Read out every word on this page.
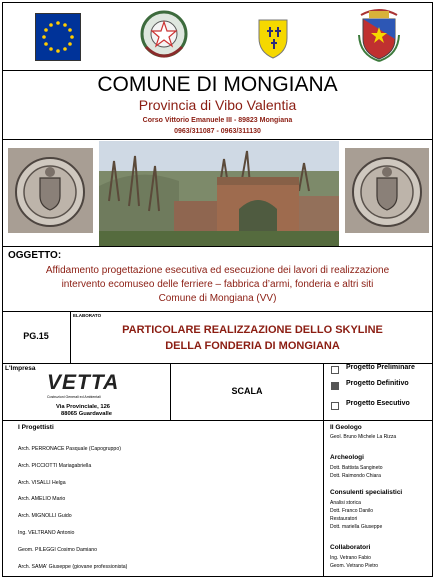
COMUNE DI MONGIANA
Provincia di Vibo Valentia
Corso Vittorio Emanuele III - 89823 Mongiana
0963/311087 - 0963/311130
OGGETTO:
Affidamento progettazione esecutiva ed esecuzione dei lavori di realizzazione
intervento ecomuseo delle ferriere – fabbrica d’armi, fonderia e altri siti
Comune di Mongiana (VV)
PG.15
ELABORATO
PARTICOLARE REALIZZAZIONE DELLO SKYLINE
DELLA FONDERIA DI MONGIANA
L'Impresa
VETTA
Costruzioni Generali ed Ambientali
Via Provinciale, 126
88065 Guardavalle
SCALA
Progetto Preliminare
Progetto Definitivo
Progetto Esecutivo
I Progettisti
Arch. PERRONACE Pasquale (Capogruppo)
Arch. PICCIOTTI Mariagabriella
Arch. VISALLI Helga
Arch. AMELIO Mario
Arch. MIGNOLLI Guido
Ing. VELTRANO Antonio
Geom. PILEGGI Cosimo Damiano
Arch. SAMA' Giuseppe (giovane professionista)
Il Geologo
Geol. Bruno Michele La Rizza
Archeologi
Dott. Battista Sangineto
Dott. Raimondo Chiara
Consulenti specialistici
Analisi storica
Dott. Franco Danilo
Restauratori
Dott. mariella Giuseppe
Collaboratori
Ing. Vetrano Fabio
Geom. Vetrano Pietro
